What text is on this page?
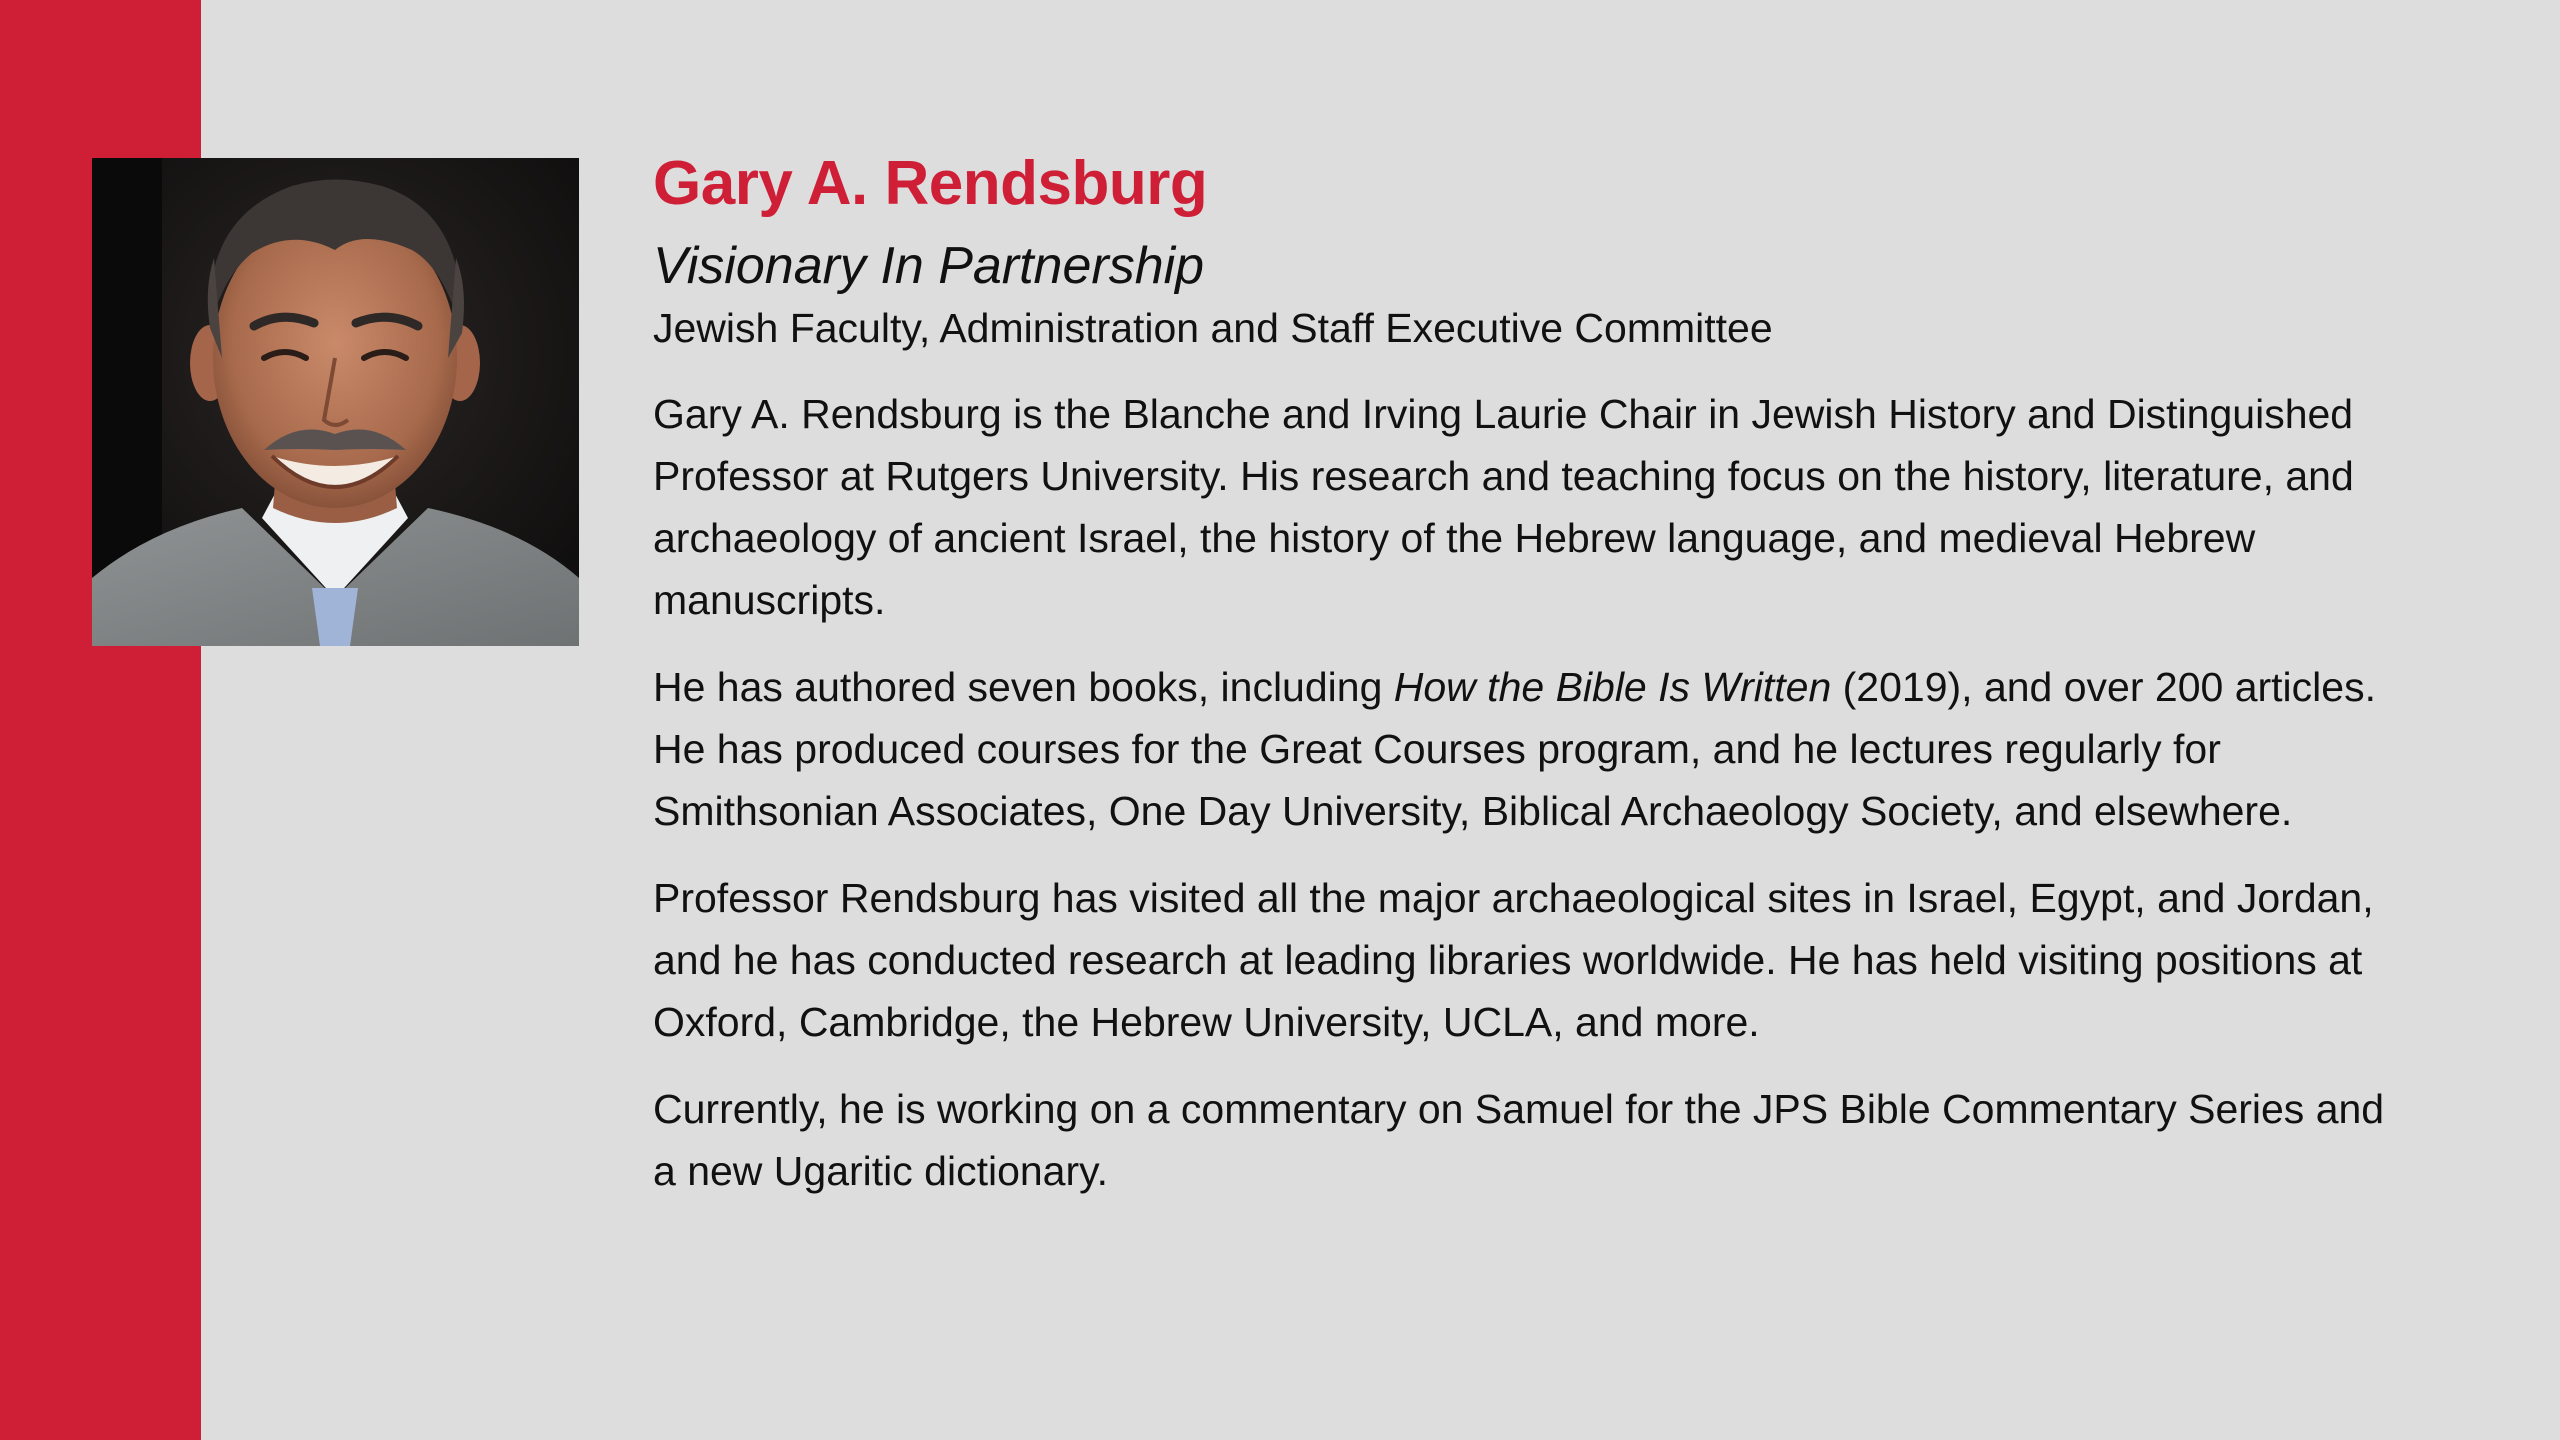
Gary A. Rendsburg
Visionary In Partnership
Jewish Faculty, Administration and Staff Executive Committee

Gary A. Rendsburg is the Blanche and Irving Laurie Chair in Jewish History and Distinguished Professor at Rutgers University. His research and teaching focus on the history, literature, and archaeology of ancient Israel, the history of the Hebrew language, and medieval Hebrew manuscripts.

He has authored seven books, including How the Bible Is Written (2019), and over 200 articles. He has produced courses for the Great Courses program, and he lectures regularly for Smithsonian Associates, One Day University, Biblical Archaeology Society, and elsewhere.

Professor Rendsburg has visited all the major archaeological sites in Israel, Egypt, and Jordan, and he has conducted research at leading libraries worldwide. He has held visiting positions at Oxford, Cambridge, the Hebrew University, UCLA, and more.

Currently, he is working on a commentary on Samuel for the JPS Bible Commentary Series and a new Ugaritic dictionary.
